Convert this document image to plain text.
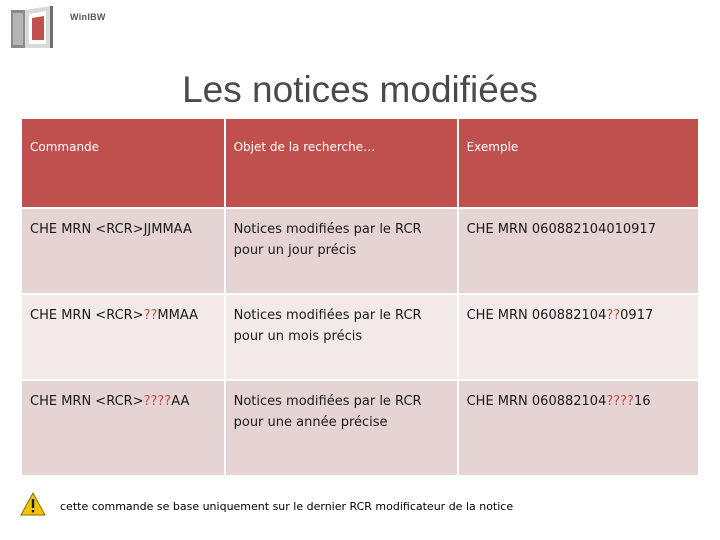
WinIBW
Les notices modifiées
Commande	Objet de la recherche…	Exemple
CHE MRN <RCR>JJMMAA	Notices modifiées par le RCR pour un jour précis	CHE MRN 060882104010917
CHE MRN <RCR>??MMAA	Notices modifiées par le RCR pour un mois précis	CHE MRN 060882104??0917
CHE MRN <RCR>????AA	Notices modifiées par le RCR pour une année précise	CHE MRN 060882104????16
cette commande se base uniquement sur le dernier RCR modificateur de la notice
